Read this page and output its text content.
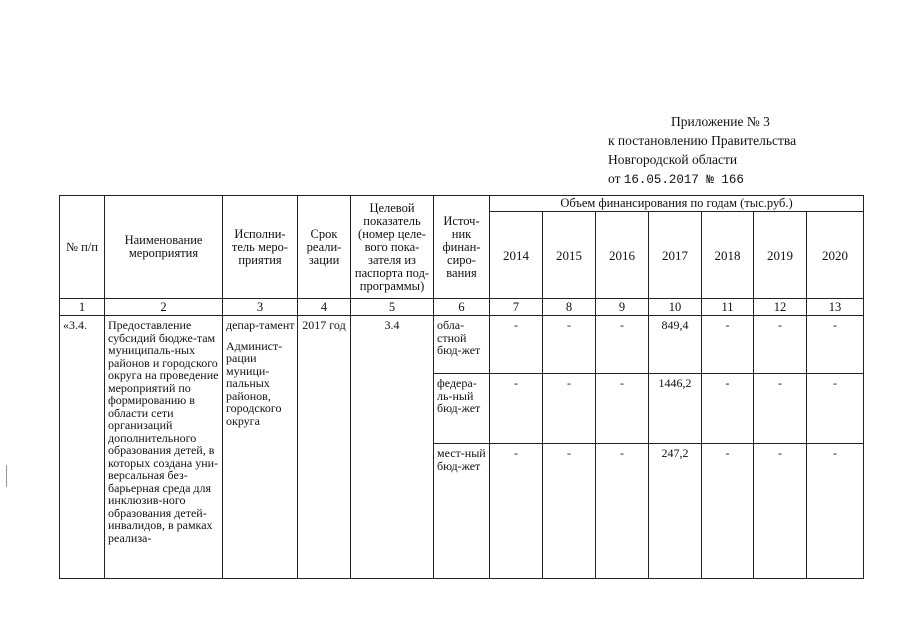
Приложение № 3
к постановлению Правительства
Новгородской области
от 16.05.2017 № 166
№ п/п	Наименование мероприятия	Исполни-тель меро-приятия	Срок реали-зации	Целевой показатель (номер целе-вого пока-зателя из паспорта под-программы)	Источ-ник финан-сиро-вания	Объем финансирования по годам (тыс.руб.)						
						2014	2015	2016	2017	2018	2019	2020
1	2	3	4	5	6	7	8	9	10	11	12	13
«3.4.	Предоставление субсидий бюдже-там муниципаль-ных районов и городского округа на проведение мероприятий по формированию в области сети организаций дополнительного образования детей, в которых создана уни-версальная без-барьерная среда для инклюзив-ного образования детей-инвалидов, в рамках реализа-	депар-тамент
Админист-рации муници-пальных районов, городского округа	2017 год	3.4	обла-стной бюд-жет	-	-	-	849,4	-	-	-
					федера-ль-ный бюд-жет	-	-	-	1446,2	-	-	-
					мест-ный бюд-жет	-	-	-	247,2	-	-	-
